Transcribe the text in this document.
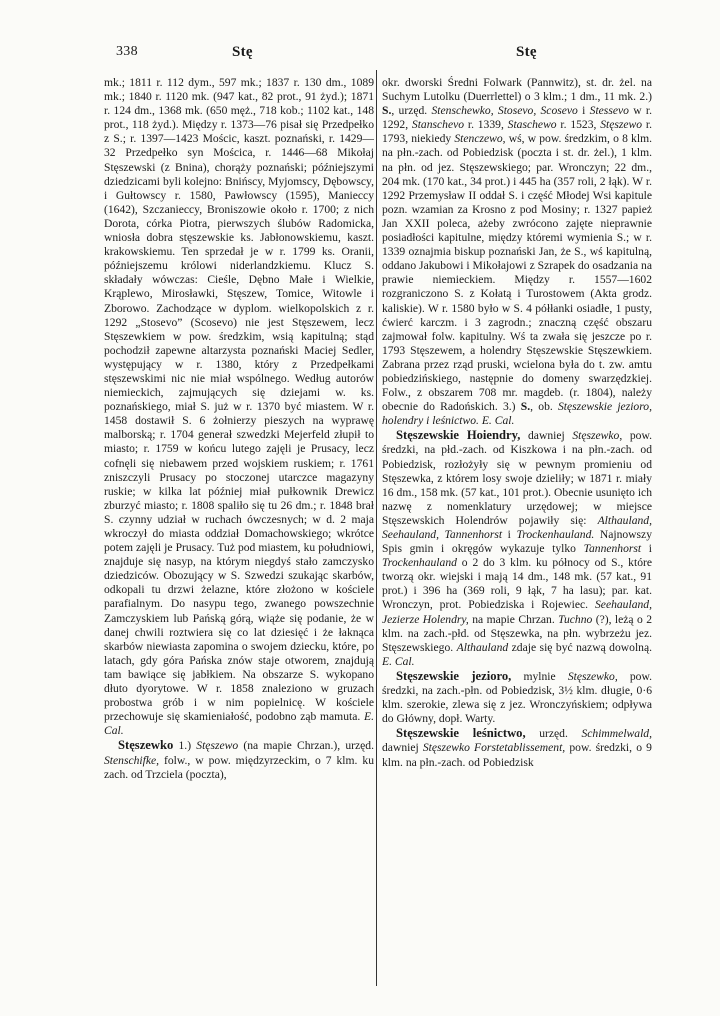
338	Stę	Stę

mk.; 1811 r. 112 dym., 597 mk.; 1837 r. 130 dm., 1089 mk.; 1840 r. 1120 mk. (947 kat., 82 prot., 91 żyd.); 1871 r. 124 dm., 1368 mk. (650 męż., 718 kob.; 1102 kat., 148 prot., 118 żyd.). Między r. 1373—76 pisał się Przedpełko z S.; r. 1397—1423 Mościc, kaszt. poznański, r. 1429—32 Przedpełko syn Mościca, r. 1446—68 Mikołaj Stęszewski (z Bnina), chorąży poznański; późniejszymi dziedzicami byli kolejno: Bnińscy, Myjomscy, Dębowscy, i Gułtowscy r. 1580, Pawłowscy (1595), Manieccy (1642), Szczanieccy, Broniszowie około r. 1700; z nich Dorota, córka Piotra, pierwszych ślubów Radomicka, wniosła dobra stęszewskie ks. Jabłonowskiemu, kaszt. krakowskiemu. Ten sprzedał je w r. 1799 ks. Oranii, późniejszemu królowi niderlandzkiemu. Klucz S. składały wówczas: Cieśle, Dębno Małe i Wielkie, Krąplewo, Mirosławki, Stęszew, Tomice, Witowle i Zborowo. Zachodzące w dyplom. wielkopolskich z r. 1292 „Stosevo” (Scosevo) nie jest Stęszewem, lecz Stęszewkiem w pow. średzkim, wsią kapitulną; stąd pochodził zapewne altarzysta poznański Maciej Sedler, występujący w r. 1380, który z Przedpełkami stęszewskimi nic nie miał wspólnego. Według autorów niemieckich, zajmujących się dziejami w. ks. poznańskiego, miał S. już w r. 1370 być miastem. W r. 1458 dostawił S. 6 żołnierzy pieszych na wyprawę malborską; r. 1704 generał szwedzki Mejerfeld złupił to miasto; r. 1759 w końcu lutego zajęli je Prusacy, lecz cofnęli się niebawem przed wojskiem ruskiem; r. 1761 zniszczyli Prusacy po stoczonej utarczce magazyny ruskie; w kilka lat później miał pułkownik Drewicz zburzyć miasto; r. 1808 spaliło się tu 26 dm.; r. 1848 brał S. czynny udział w ruchach ówczesnych; w d. 2 maja wkroczył do miasta oddział Domachowskiego; wkrótce potem zajęli je Prusacy. Tuż pod miastem, ku południowi, znajduje się nasyp, na którym niegdyś stało zamczysko dziedziców. Obozujący w S. Szwedzi szukając skarbów, odkopali tu drzwi żelazne, które złożono w kościele parafialnym. Do nasypu tego, zwanego powszechnie Zamczyskiem lub Pańską górą, wiąże się podanie, że w danej chwili roztwiera się co lat dziesięć i że łaknąca skarbów niewiasta zapomina o swojem dziecku, które, po latach, gdy góra Pańska znów staje otworem, znajdują tam bawiące się jabłkiem. Na obszarze S. wykopano dłuto dyorytowe. W r. 1858 znaleziono w gruzach probostwa grób i w nim popielnicę. W kościele przechowuje się skamieniałość, podobno ząb mamuta. E. Cal.

Stęszewko 1.) Stęszewo (na mapie Chrzan.), urzęd. Stenschifke, folw., w pow. międzyrzeckim, o 7 klm. ku zach. od Trzciela (poczta),

okr. dworski Średni Folwark (Pannwitz), st. dr. żel. na Suchym Lutolku (Duerrlettel) o 3 klm.; 1 dm., 11 mk. 2.) S., urzęd. Stenschewko, Stosevo, Scosevo i Stessevo w r. 1292, Stanschevo r. 1339, Staschewo r. 1523, Stęszewo r. 1793, niekiedy Stenczewo, wś, w pow. średzkim, o 8 klm. na płn.-zach. od Pobiedzisk (poczta i st. dr. żel.), 1 klm. na płn. od jez. Stęszewskiego; par. Wronczyn; 22 dm., 204 mk. (170 kat., 34 prot.) i 445 ha (357 roli, 2 łąk). W r. 1292 Przemysław II oddał S. i część Młodej Wsi kapitule pozn. wzamian za Krosno z pod Mosiny; r. 1327 papież Jan XXII poleca, ażeby zwrócono zajęte nieprawnie posiadłości kapitulne, między któremi wymienia S.; w r. 1339 oznajmia biskup poznański Jan, że S., wś kapitulną, oddano Jakubowi i Mikołajowi z Szrapek do osadzania na prawie niemieckiem. Między r. 1557—1602 rozgraniczono S. z Kołatą i Turostowem (Akta grodz. kaliskie). W r. 1580 było w S. 4 półłanki osiadłe, 1 pusty, ćwierć karczm. i 3 zagrodn.; znaczną część obszaru zajmował folw. kapitulny. Wś ta zwała się jeszcze po r. 1793 Stęszewem, a holendry Stęszewskie Stęszewkiem. Zabrana przez rząd pruski, wcielona była do t. zw. amtu pobiedzińskiego, następnie do domeny swarzędzkiej. Folw., z obszarem 708 mr. magdeb. (r. 1804), należy obecnie do Radońskich. 3.) S., ob. Stęszewskie jezioro, holendry i leśnictwo. E. Cal.

Stęszewskie Hoiendry, dawniej Stęszewko, pow. średzki, na płd.-zach. od Kiszkowa i na płn.-zach. od Pobiedzisk, rozłożyły się w pewnym promieniu od Stęszewka, z którem losy swoje dzieliły; w 1871 r. miały 16 dm., 158 mk. (57 kat., 101 prot.). Obecnie usunięto ich nazwę z nomenklatury urzędowej; w miejsce Stęszewskich Holendrów pojawiły się: Althauland, Seehauland, Tannenhorst i Trockenhauland. Najnowszy Spis gmin i okręgów wykazuje tylko Tannenhorst i Trockenhauland o 2 do 3 klm. ku północy od S., które tworzą okr. wiejski i mają 14 dm., 148 mk. (57 kat., 91 prot.) i 396 ha (369 roli, 9 łąk, 7 ha lasu); par. kat. Wronczyn, prot. Pobiedziska i Rojewiec. Seehauland, Jezierze Holendry, na mapie Chrzan. Tuchno (?), leżą o 2 klm. na zach.-płd. od Stęszewka, na płn. wybrzeżu jez. Stęszewskiego. Althauland zdaje się być nazwą dowolną. E. Cal.

Stęszewskie jezioro, mylnie Stęszewko, pow. średzki, na zach.-płn. od Pobiedzisk, 3½ klm. długie, 0·6 klm. szerokie, zlewa się z jez. Wronczyńskiem; odpływa do Główny, dopł. Warty.

Stęszewskie leśnictwo, urzęd. Schimmelwald, dawniej Stęszewko Forstetablissement, pow. średzki, o 9 klm. na płn.-zach. od Pobiedzisk
